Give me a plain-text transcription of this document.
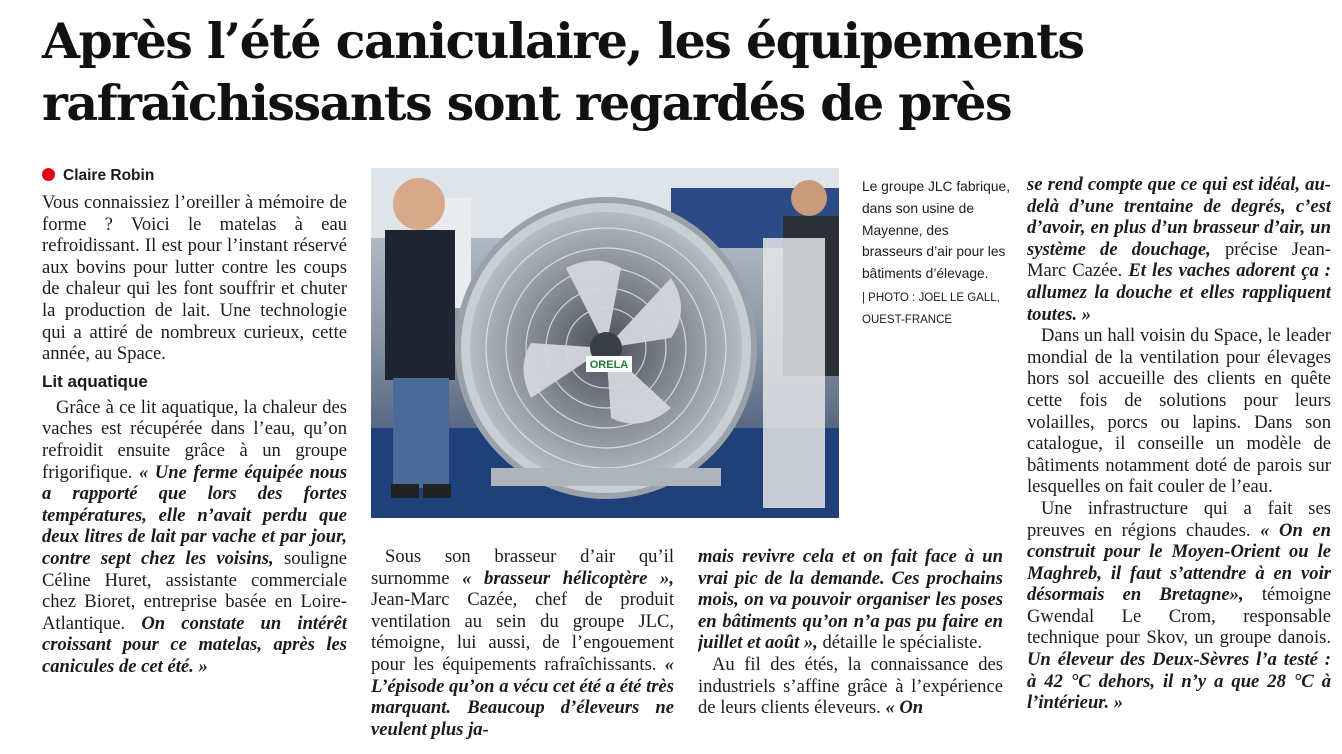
Après l’été caniculaire, les équipements rafraîchissants sont regardés de près
Claire Robin

Vous connaissiez l’oreiller à mémoire de forme ? Voici le matelas à eau refroidissant. Il est pour l’instant réservé aux bovins pour lutter contre les coups de chaleur qui les font souffrir et chuter la production de lait. Une technologie qui a attiré de nombreux curieux, cette année, au Space.

Lit aquatique

Grâce à ce lit aquatique, la chaleur des vaches est récupérée dans l’eau, qu’on refroidit ensuite grâce à un groupe frigorifique. « Une ferme équipée nous a rapporté que lors des fortes températures, elle n’avait perdu que deux litres de lait par vache et par jour, contre sept chez les voisins, souligne Céline Huret, assistante commerciale chez Bioret, entreprise basée en Loire-Atlantique. On constate un intérêt croissant pour ce matelas, après les canicules de cet été. »

ORELA
Le groupe JLC fabrique, dans son usine de Mayenne, des brasseurs d’air pour les bâtiments d’élevage.
| PHOTO : JOEL LE GALL, OUEST-FRANCE

Sous son brasseur d’air qu’il surnomme « brasseur hélicoptère », Jean-Marc Cazée, chef de produit ventilation au sein du groupe JLC, témoigne, lui aussi, de l’engouement pour les équipements rafraîchissants. « L’épisode qu’on a vécu cet été a été très marquant. Beaucoup d’éleveurs ne veulent plus ja-

mais revivre cela et on fait face à un vrai pic de la demande. Ces prochains mois, on va pouvoir organiser les poses en bâtiments qu’on n’a pas pu faire en juillet et août », détaille le spécialiste.

Au fil des étés, la connaissance des industriels s’affine grâce à l’expérience de leurs clients éleveurs. « On

se rend compte que ce qui est idéal, au-delà d’une trentaine de degrés, c’est d’avoir, en plus d’un brasseur d’air, un système de douchage, précise Jean-Marc Cazée. Et les vaches adorent ça : allumez la douche et elles rappliquent toutes. »

Dans un hall voisin du Space, le leader mondial de la ventilation pour élevages hors sol accueille des clients en quête cette fois de solutions pour leurs volailles, porcs ou lapins. Dans son catalogue, il conseille un modèle de bâtiments notamment doté de parois sur lesquelles on fait couler de l’eau.

Une infrastructure qui a fait ses preuves en régions chaudes. « On en construit pour le Moyen-Orient ou le Maghreb, il faut s’attendre à en voir désormais en Bretagne», témoigne Gwendal Le Crom, responsable technique pour Skov, un groupe danois. Un éleveur des Deux-Sèvres l’a testé : à 42 °C dehors, il n’y a que 28 °C à l’intérieur. »
